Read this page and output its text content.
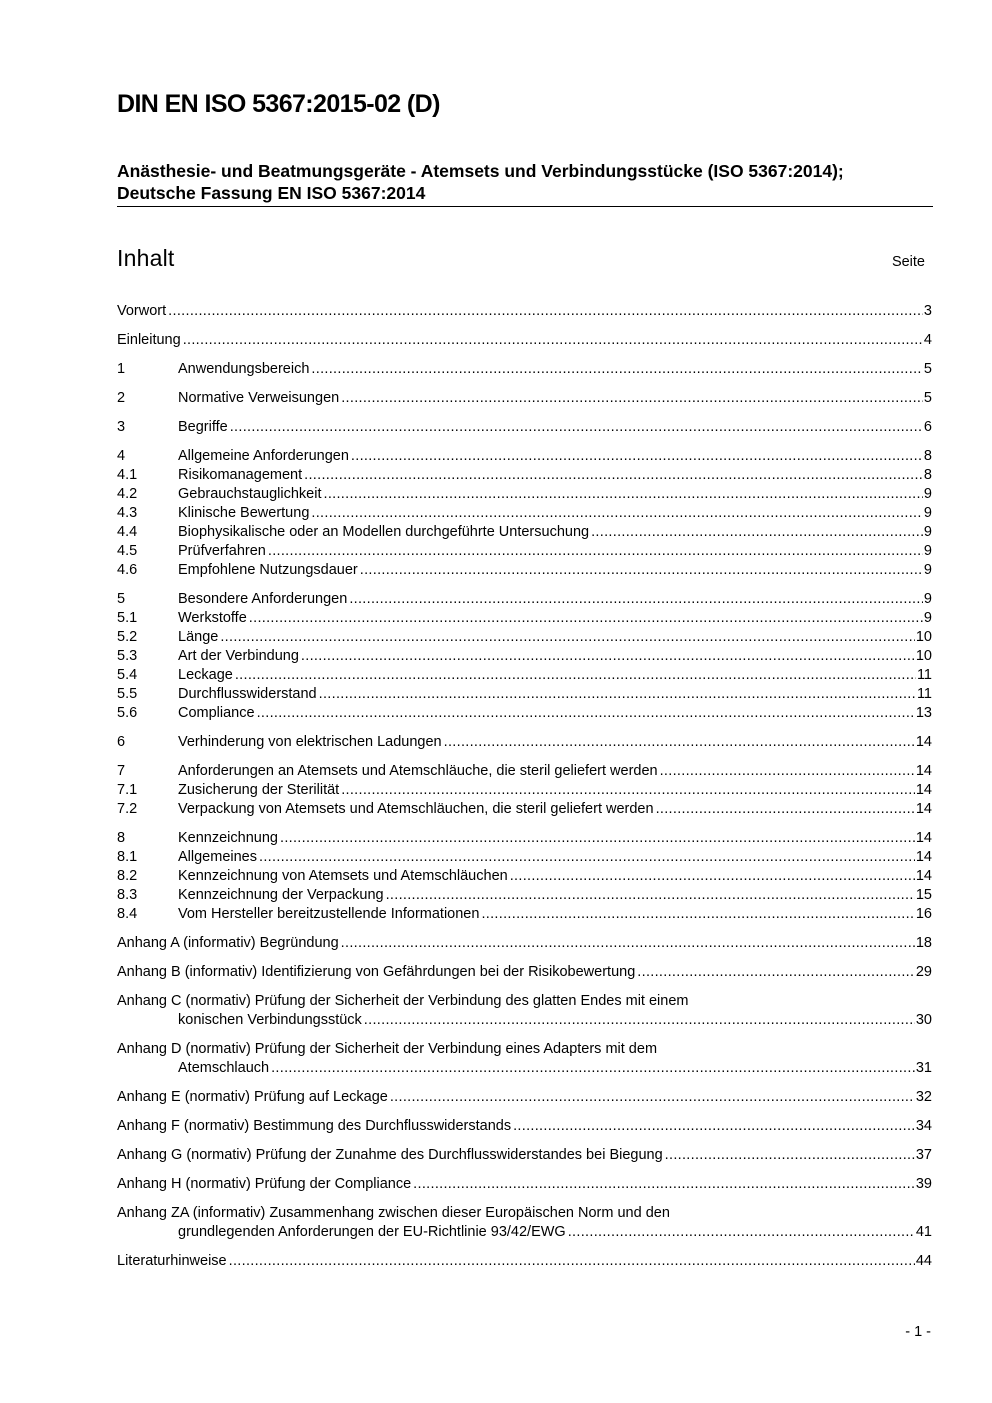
DIN EN ISO 5367:2015-02 (D)
Anästhesie- und Beatmungsgeräte - Atemsets und Verbindungsstücke (ISO 5367:2014); Deutsche Fassung EN ISO 5367:2014
Inhalt	Seite
Vorwort .....	3
Einleitung .....	4
1	Anwendungsbereich .....	5
2	Normative Verweisungen .....	5
3	Begriffe .....	6
4	Allgemeine Anforderungen .....	8
4.1	Risikomanagement .....	8
4.2	Gebrauchstauglichkeit .....	9
4.3	Klinische Bewertung .....	9
4.4	Biophysikalische oder an Modellen durchgeführte Untersuchung .....	9
4.5	Prüfverfahren .....	9
4.6	Empfohlene Nutzungsdauer .....	9
5	Besondere Anforderungen .....	9
5.1	Werkstoffe .....	9
5.2	Länge .....	10
5.3	Art der Verbindung .....	10
5.4	Leckage .....	11
5.5	Durchflusswiderstand .....	11
5.6	Compliance .....	13
6	Verhinderung von elektrischen Ladungen .....	14
7	Anforderungen an Atemsets und Atemschläuche, die steril geliefert werden .....	14
7.1	Zusicherung der Sterilität .....	14
7.2	Verpackung von Atemsets und Atemschläuchen, die steril geliefert werden .....	14
8	Kennzeichnung .....	14
8.1	Allgemeines .....	14
8.2	Kennzeichnung von Atemsets und Atemschläuchen .....	14
8.3	Kennzeichnung der Verpackung .....	15
8.4	Vom Hersteller bereitzustellende Informationen .....	16
Anhang A (informativ) Begründung .....	18
Anhang B (informativ) Identifizierung von Gefährdungen bei der Risikobewertung .....	29
Anhang C (normativ) Prüfung der Sicherheit der Verbindung des glatten Endes mit einem
konischen Verbindungsstück .....	30
Anhang D (normativ) Prüfung der Sicherheit der Verbindung eines Adapters mit dem
Atemschlauch .....	31
Anhang E (normativ) Prüfung auf Leckage .....	32
Anhang F (normativ) Bestimmung des Durchflusswiderstands .....	34
Anhang G (normativ) Prüfung der Zunahme des Durchflusswiderstandes bei Biegung .....	37
Anhang H (normativ) Prüfung der Compliance .....	39
Anhang ZA (informativ) Zusammenhang zwischen dieser Europäischen Norm und den
grundlegenden Anforderungen der EU-Richtlinie 93/42/EWG .....	41
Literaturhinweise .....	44
- 1 -
